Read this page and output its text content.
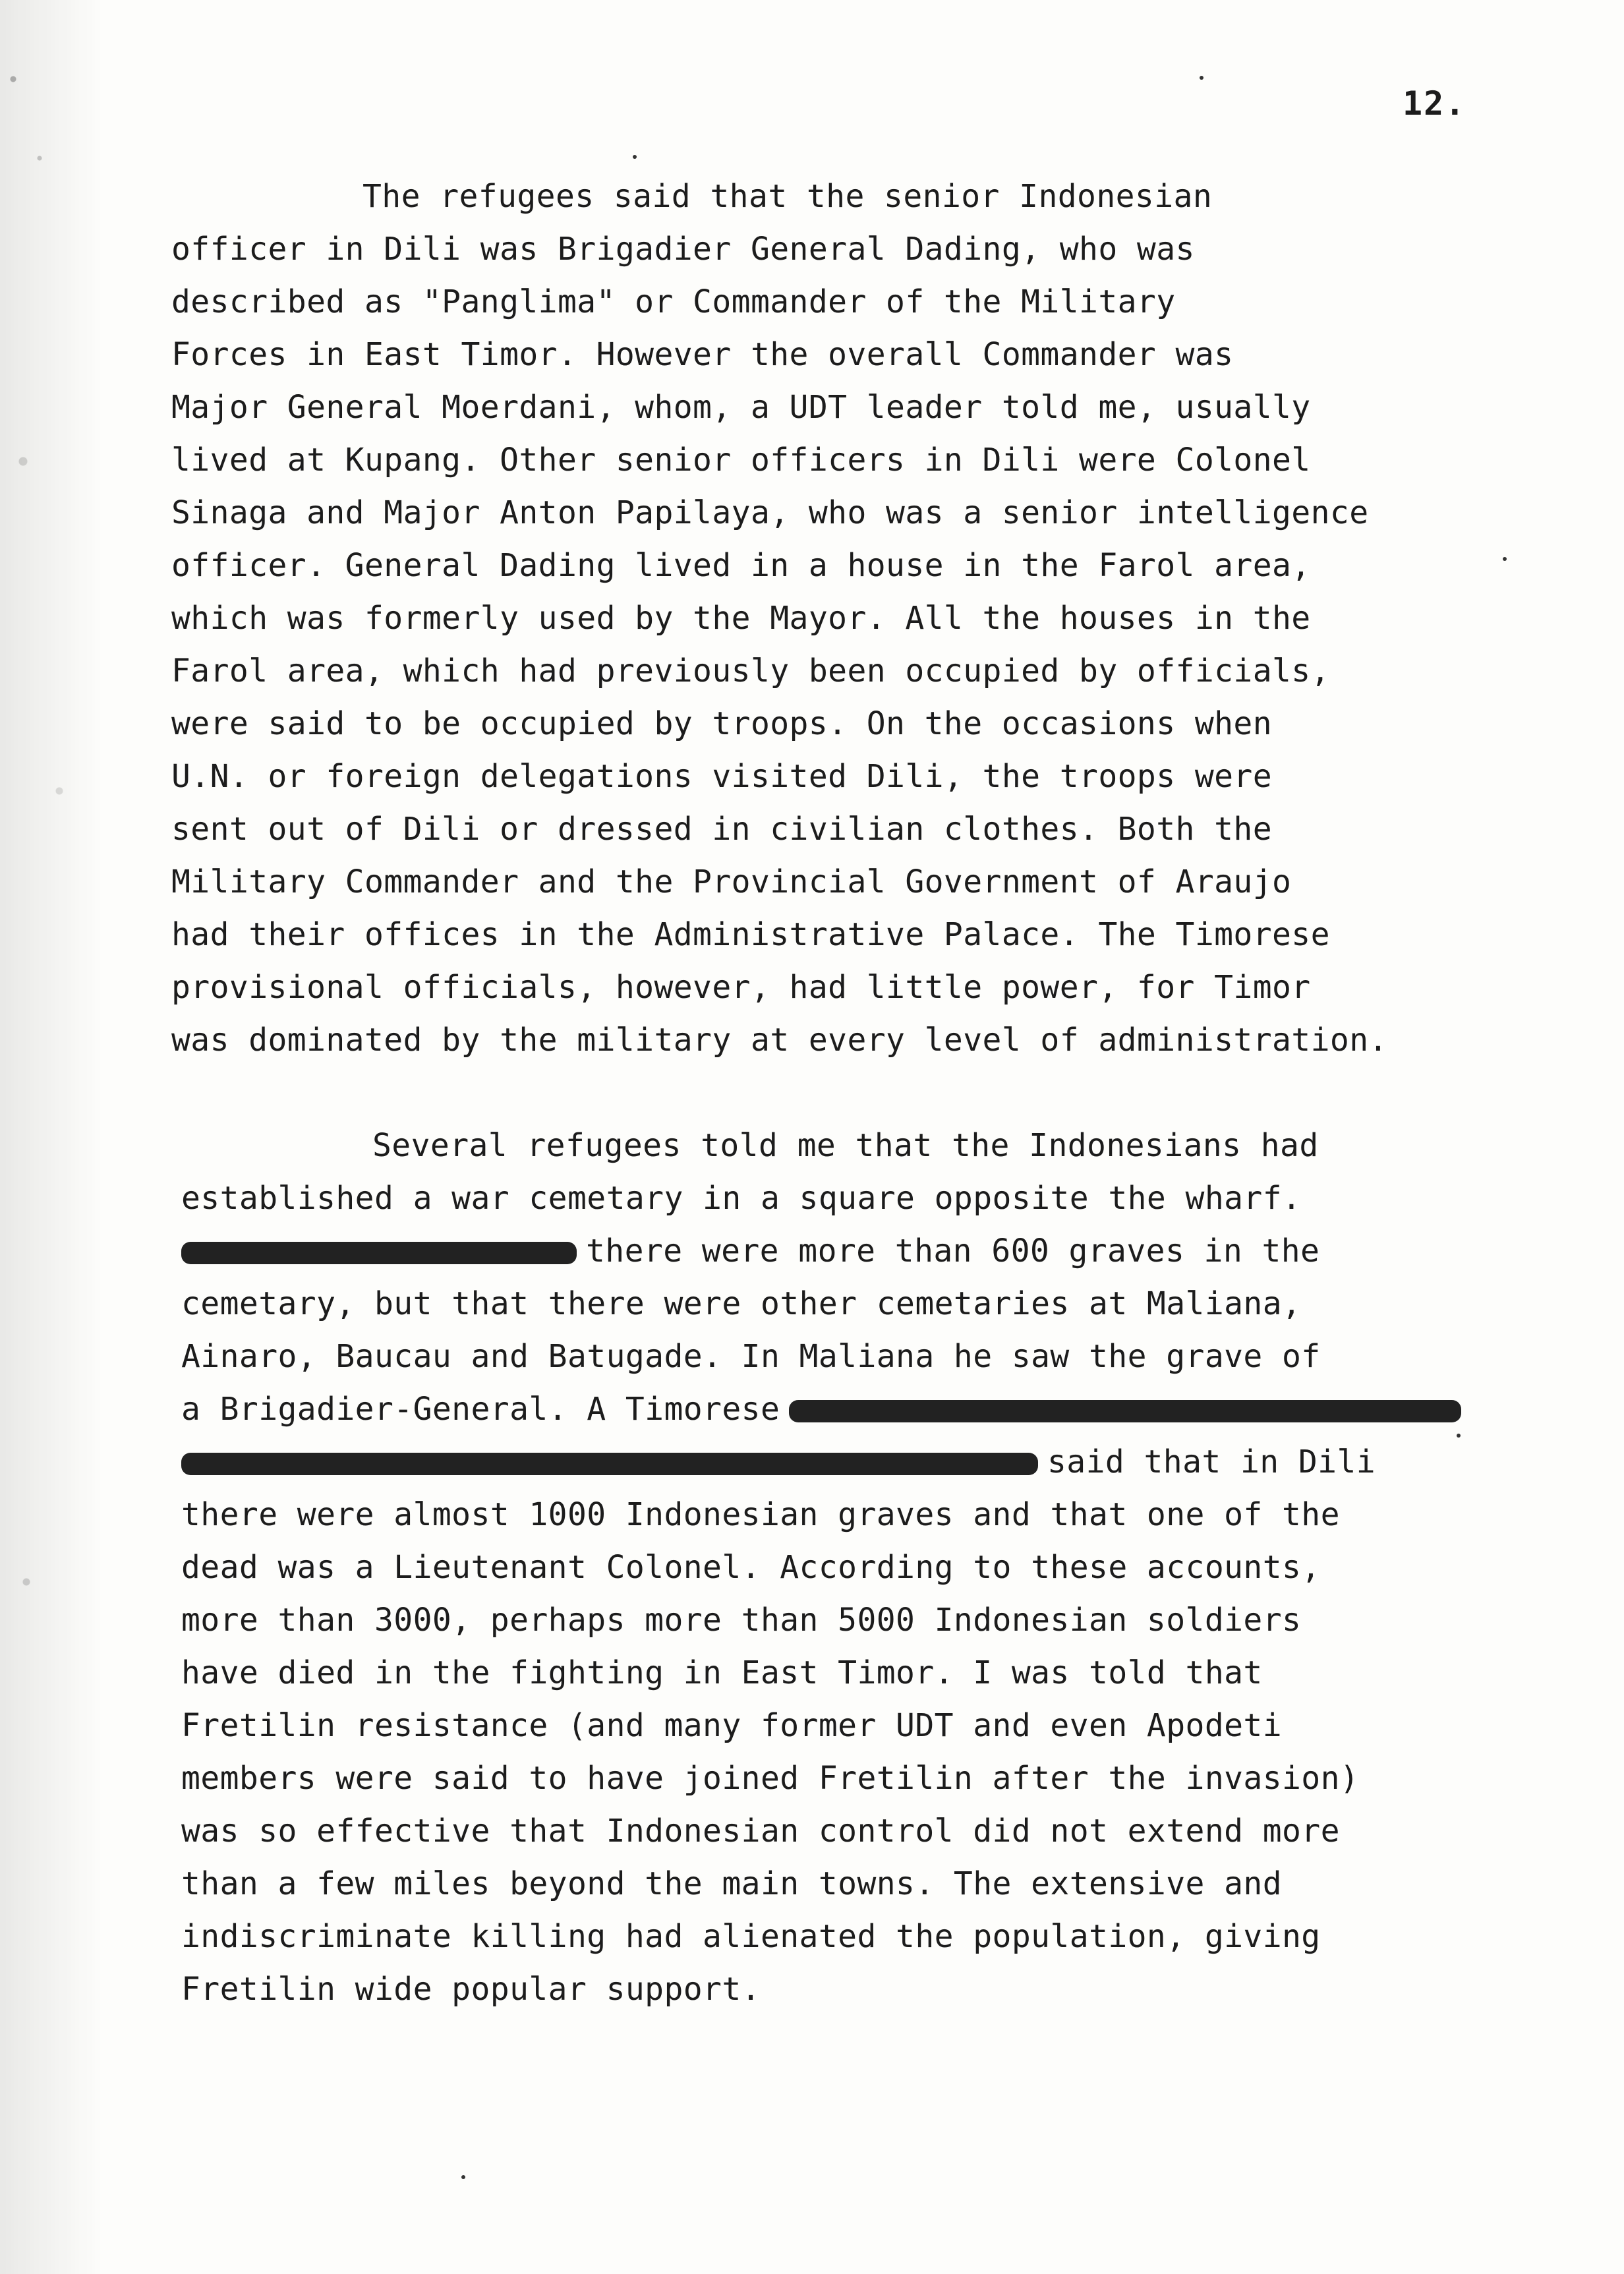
12.
The refugees said that the senior Indonesian
officer in Dili was Brigadier General Dading, who was
described as "Panglima" or Commander of the Military
Forces in East Timor. However the overall Commander was
Major General Moerdani, whom, a UDT leader told me, usually
lived at Kupang. Other senior officers in Dili were Colonel
Sinaga and Major Anton Papilaya, who was a senior intelligence
officer. General Dading lived in a house in the Farol area,
which was formerly used by the Mayor. All the houses in the
Farol area, which had previously been occupied by officials,
were said to be occupied by troops. On the occasions when
U.N. or foreign delegations visited Dili, the troops were
sent out of Dili or dressed in civilian clothes. Both the
Military Commander and the Provincial Government of Araujo
had their offices in the Administrative Palace. The Timorese
provisional officials, however, had little power, for Timor
was dominated by the military at every level of administration.
Several refugees told me that the Indonesians had
established a war cemetary in a square opposite the wharf.
there were more than 600 graves in the
cemetary, but that there were other cemetaries at Maliana,
Ainaro, Baucau and Batugade. In Maliana he saw the grave of
a Brigadier-General. A Timorese
said that in Dili
there were almost 1000 Indonesian graves and that one of the
dead was a Lieutenant Colonel. According to these accounts,
more than 3000, perhaps more than 5000 Indonesian soldiers
have died in the fighting in East Timor. I was told that
Fretilin resistance (and many former UDT and even Apodeti
members were said to have joined Fretilin after the invasion)
was so effective that Indonesian control did not extend more
than a few miles beyond the main towns. The extensive and
indiscriminate killing had alienated the population, giving
Fretilin wide popular support.
